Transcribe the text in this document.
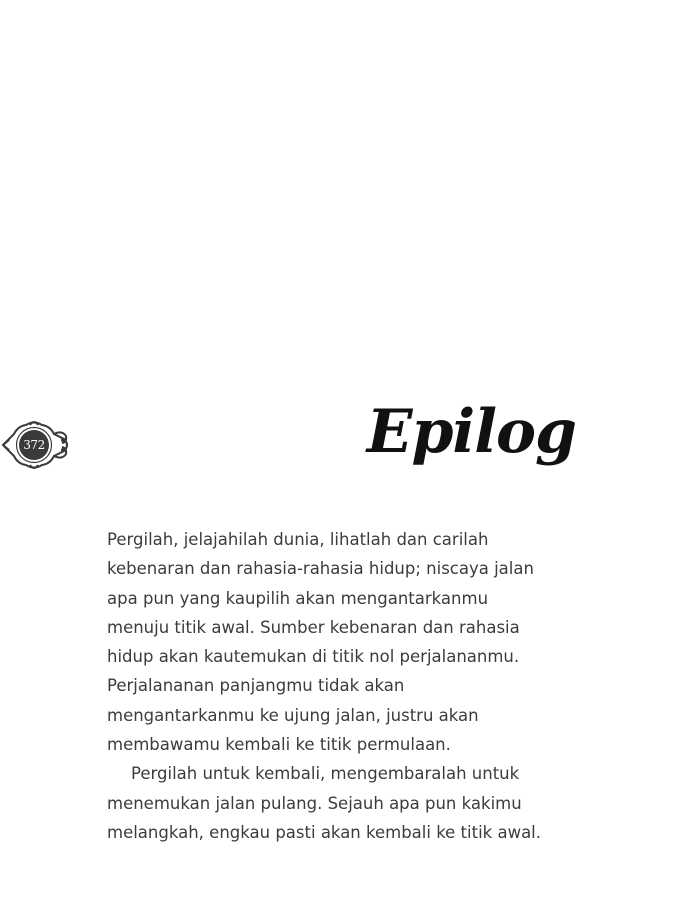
372	Epilog

Pergilah, jelajahilah dunia, lihatlah dan carilah
kebenaran dan rahasia-rahasia hidup; niscaya jalan
apa pun yang kaupilih akan mengantarkanmu
menuju titik awal. Sumber kebenaran dan rahasia
hidup akan kautemukan di titik nol perjalananmu.
Perjalananan panjangmu tidak akan
mengantarkanmu ke ujung jalan, justru akan
membawamu kembali ke titik permulaan.

Pergilah untuk kembali, mengembaralah untuk
menemukan jalan pulang. Sejauh apa pun kakimu
melangkah, engkau pasti akan kembali ke titik awal.
